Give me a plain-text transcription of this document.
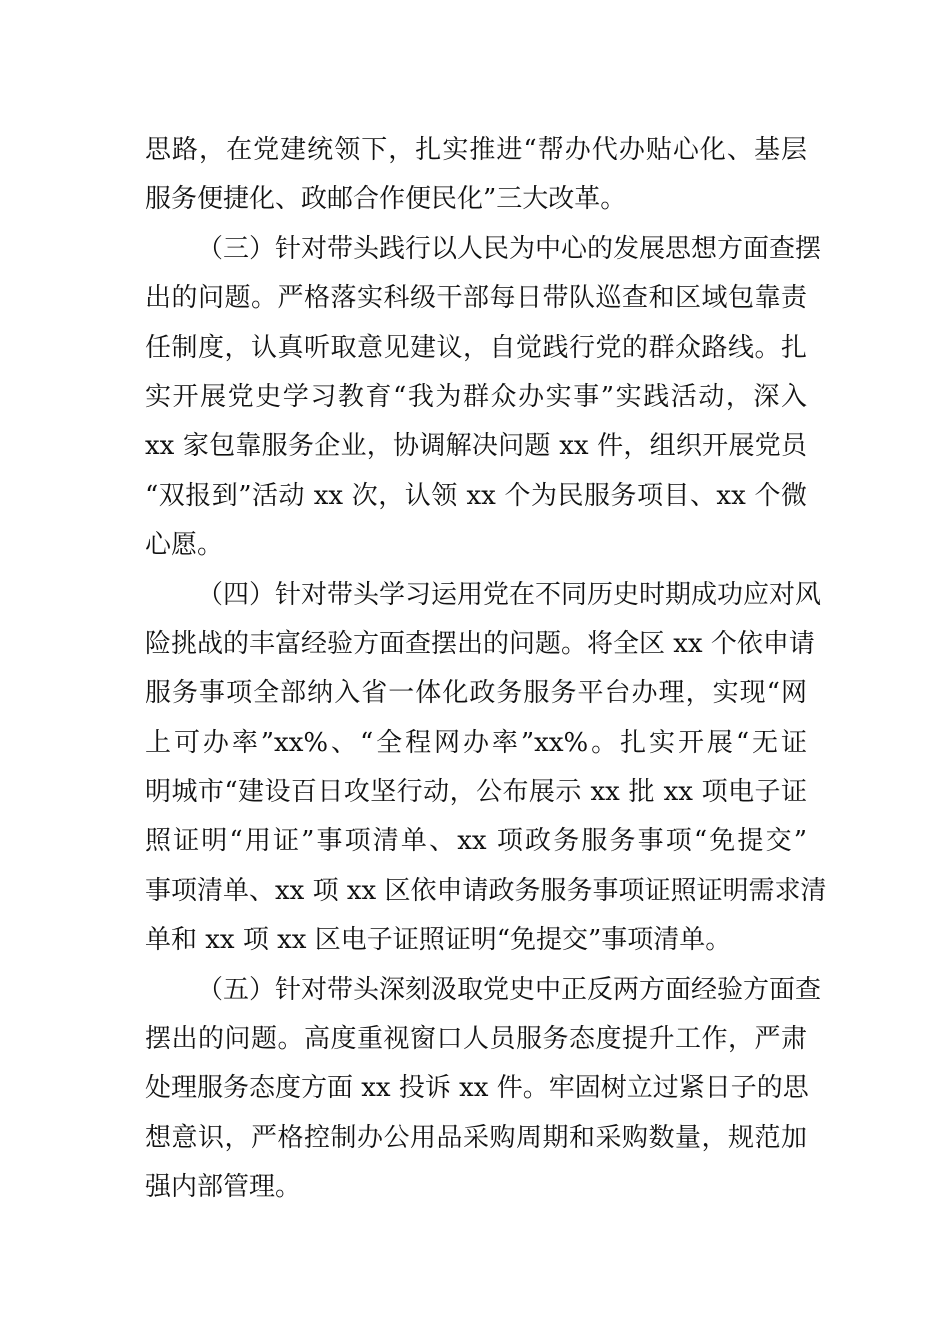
思路，在党建统领下，扎实推进“帮办代办贴心化、基层
服务便捷化、政邮合作便民化”三大改革。
（三）针对带头践行以人民为中心的发展思想方面查摆
出的问题。严格落实科级干部每日带队巡查和区域包靠责
任制度，认真听取意见建议，自觉践行党的群众路线。扎
实开展党史学习教育“我为群众办实事”实践活动，深入
xx 家包靠服务企业，协调解决问题 xx 件，组织开展党员
“双报到”活动 xx 次，认领 xx 个为民服务项目、xx 个微
心愿。
（四）针对带头学习运用党在不同历史时期成功应对风
险挑战的丰富经验方面查摆出的问题。将全区 xx 个依申请
服务事项全部纳入省一体化政务服务平台办理，实现“网
上可办率”xx%、“全程网办率”xx%。扎实开展“无证
明城市“建设百日攻坚行动，公布展示 xx 批 xx 项电子证
照证明“用证”事项清单、xx 项政务服务事项“免提交”
事项清单、xx 项 xx 区依申请政务服务事项证照证明需求清
单和 xx 项 xx 区电子证照证明“免提交”事项清单。
（五）针对带头深刻汲取党史中正反两方面经验方面查
摆出的问题。高度重视窗口人员服务态度提升工作，严肃
处理服务态度方面 xx 投诉 xx 件。牢固树立过紧日子的思
想意识，严格控制办公用品采购周期和采购数量，规范加
强内部管理。
